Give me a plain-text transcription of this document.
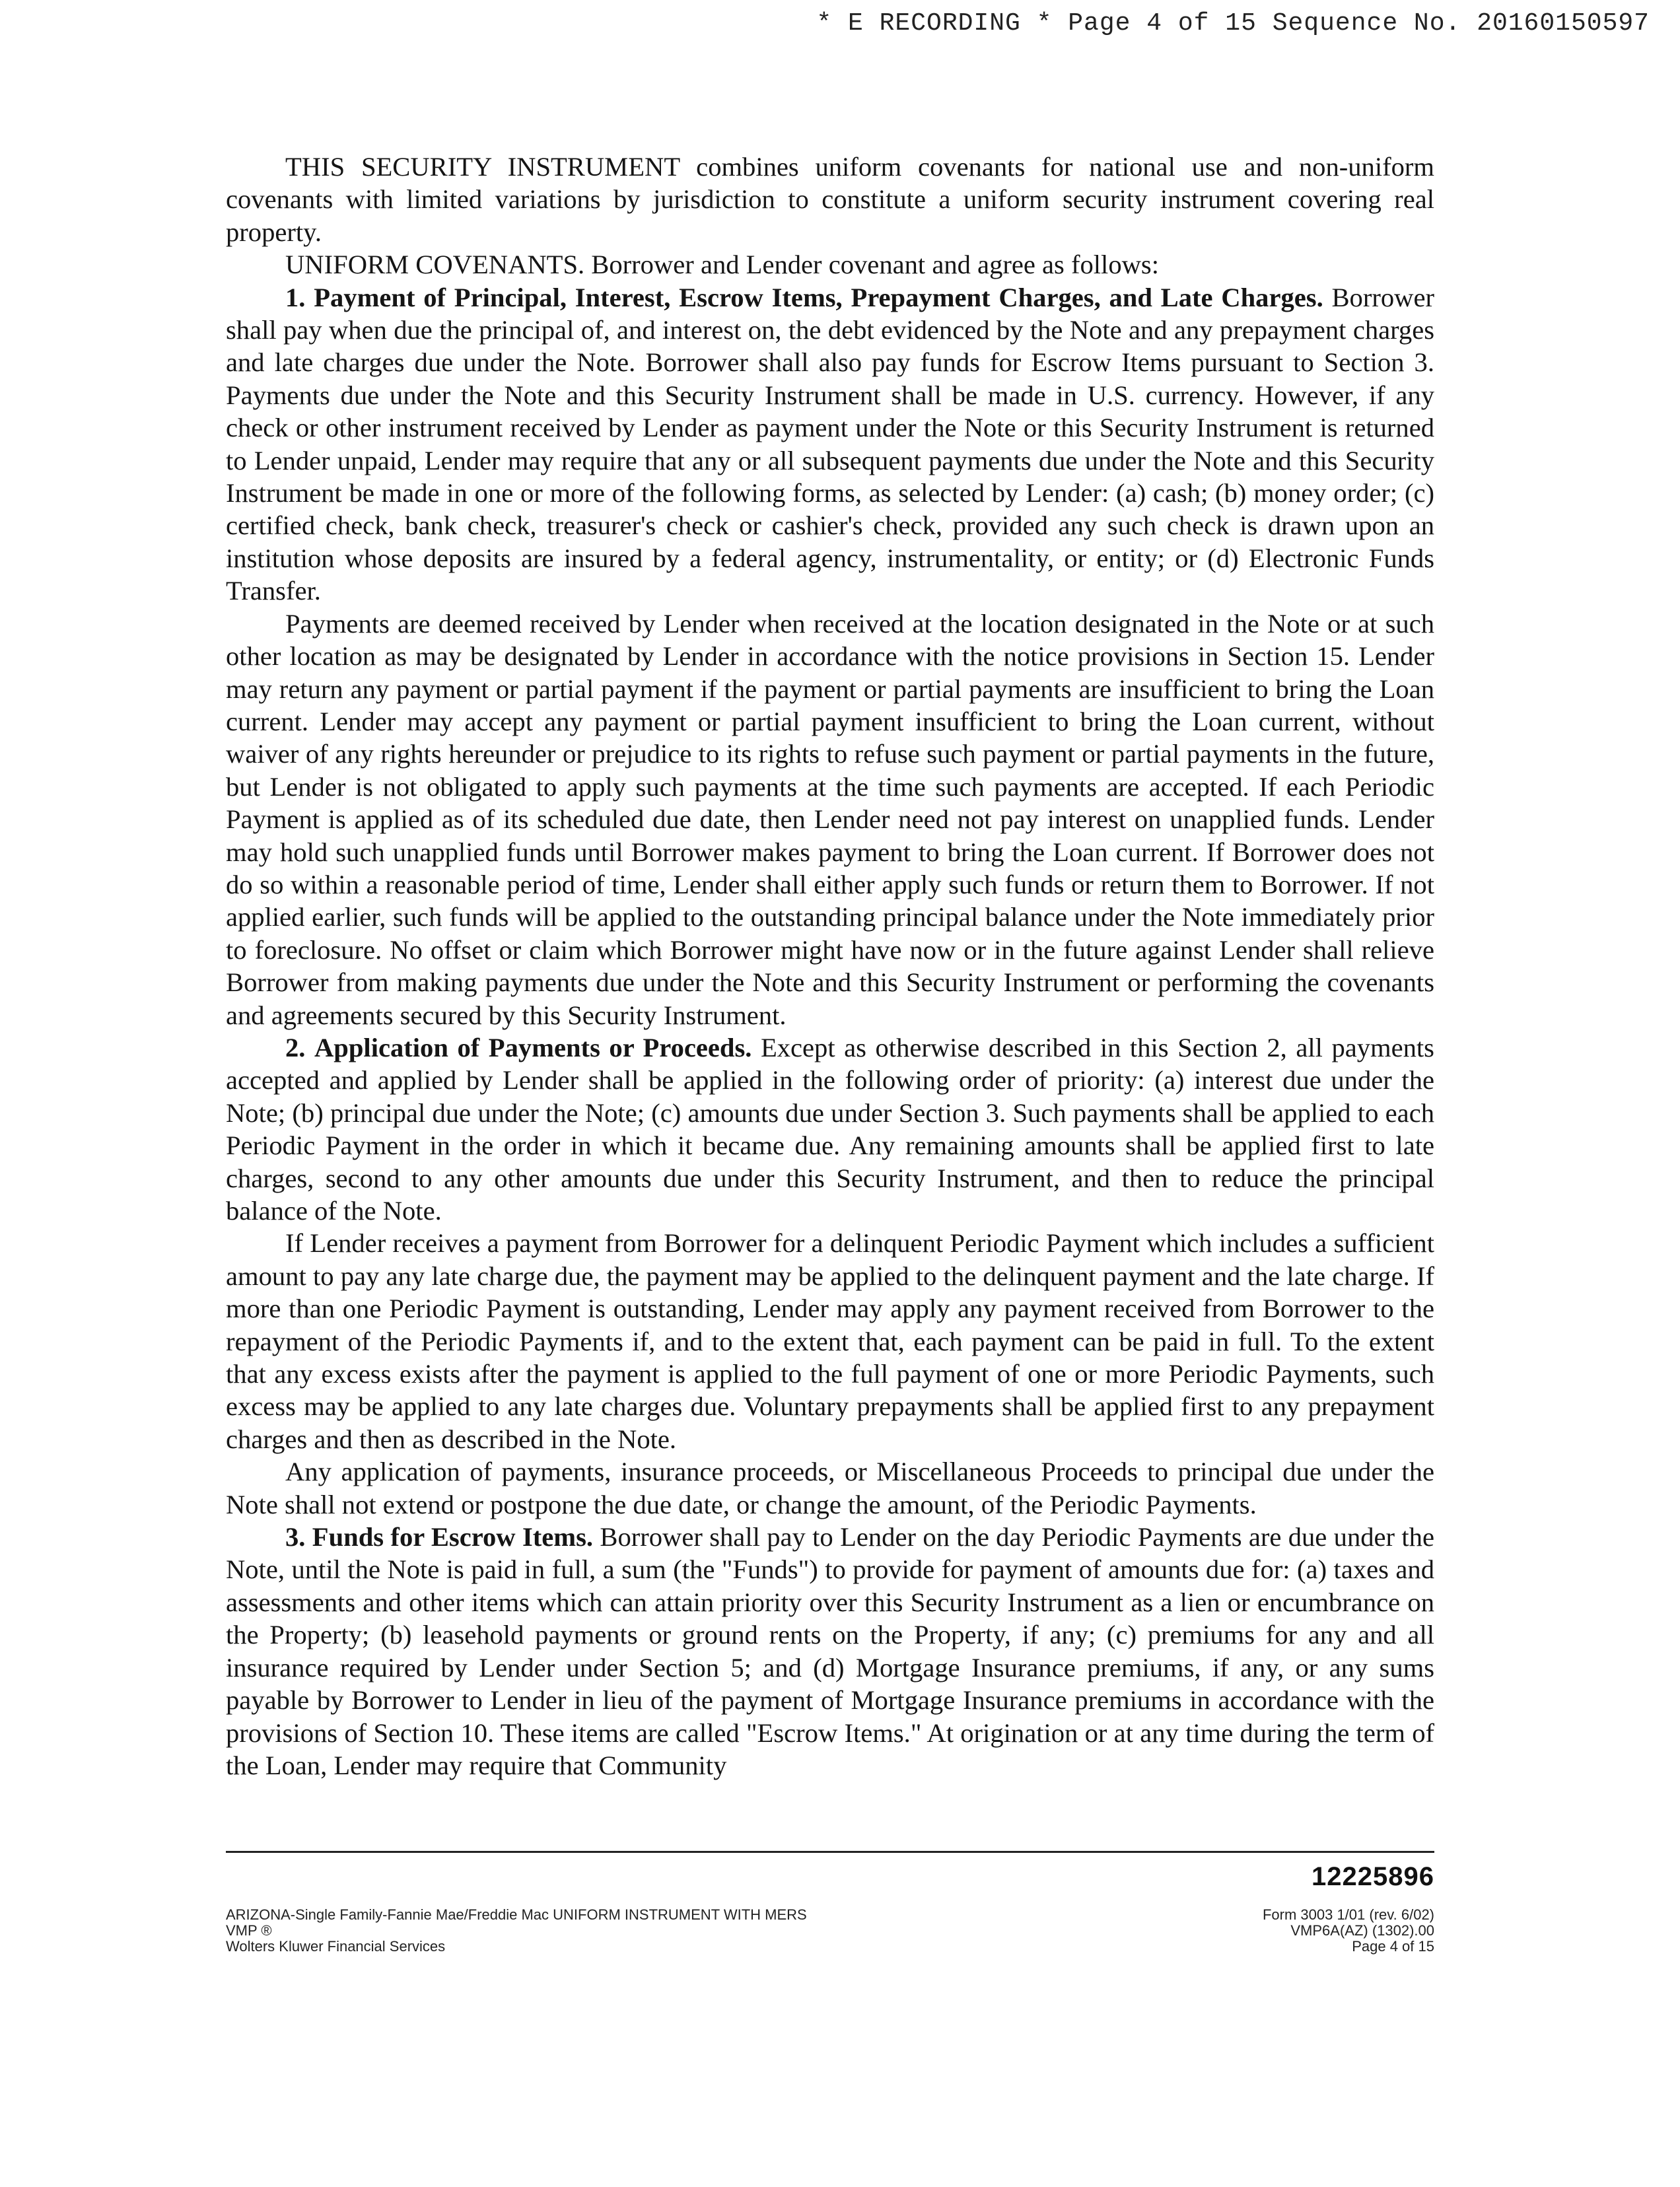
* E RECORDING * Page 4 of 15 Sequence No. 20160150597

THIS SECURITY INSTRUMENT combines uniform covenants for national use and non-uniform covenants with limited variations by jurisdiction to constitute a uniform security instrument covering real property.

UNIFORM COVENANTS. Borrower and Lender covenant and agree as follows:

1. Payment of Principal, Interest, Escrow Items, Prepayment Charges, and Late Charges. Borrower shall pay when due the principal of, and interest on, the debt evidenced by the Note and any prepayment charges and late charges due under the Note. Borrower shall also pay funds for Escrow Items pursuant to Section 3. Payments due under the Note and this Security Instrument shall be made in U.S. currency. However, if any check or other instrument received by Lender as payment under the Note or this Security Instrument is returned to Lender unpaid, Lender may require that any or all subsequent payments due under the Note and this Security Instrument be made in one or more of the following forms, as selected by Lender: (a) cash; (b) money order; (c) certified check, bank check, treasurer's check or cashier's check, provided any such check is drawn upon an institution whose deposits are insured by a federal agency, instrumentality, or entity; or (d) Electronic Funds Transfer.

Payments are deemed received by Lender when received at the location designated in the Note or at such other location as may be designated by Lender in accordance with the notice provisions in Section 15. Lender may return any payment or partial payment if the payment or partial payments are insufficient to bring the Loan current. Lender may accept any payment or partial payment insufficient to bring the Loan current, without waiver of any rights hereunder or prejudice to its rights to refuse such payment or partial payments in the future, but Lender is not obligated to apply such payments at the time such payments are accepted. If each Periodic Payment is applied as of its scheduled due date, then Lender need not pay interest on unapplied funds. Lender may hold such unapplied funds until Borrower makes payment to bring the Loan current. If Borrower does not do so within a reasonable period of time, Lender shall either apply such funds or return them to Borrower. If not applied earlier, such funds will be applied to the outstanding principal balance under the Note immediately prior to foreclosure. No offset or claim which Borrower might have now or in the future against Lender shall relieve Borrower from making payments due under the Note and this Security Instrument or performing the covenants and agreements secured by this Security Instrument.

2. Application of Payments or Proceeds. Except as otherwise described in this Section 2, all payments accepted and applied by Lender shall be applied in the following order of priority: (a) interest due under the Note; (b) principal due under the Note; (c) amounts due under Section 3. Such payments shall be applied to each Periodic Payment in the order in which it became due. Any remaining amounts shall be applied first to late charges, second to any other amounts due under this Security Instrument, and then to reduce the principal balance of the Note.

If Lender receives a payment from Borrower for a delinquent Periodic Payment which includes a sufficient amount to pay any late charge due, the payment may be applied to the delinquent payment and the late charge. If more than one Periodic Payment is outstanding, Lender may apply any payment received from Borrower to the repayment of the Periodic Payments if, and to the extent that, each payment can be paid in full. To the extent that any excess exists after the payment is applied to the full payment of one or more Periodic Payments, such excess may be applied to any late charges due. Voluntary prepayments shall be applied first to any prepayment charges and then as described in the Note.

Any application of payments, insurance proceeds, or Miscellaneous Proceeds to principal due under the Note shall not extend or postpone the due date, or change the amount, of the Periodic Payments.

3. Funds for Escrow Items. Borrower shall pay to Lender on the day Periodic Payments are due under the Note, until the Note is paid in full, a sum (the "Funds") to provide for payment of amounts due for: (a) taxes and assessments and other items which can attain priority over this Security Instrument as a lien or encumbrance on the Property; (b) leasehold payments or ground rents on the Property, if any; (c) premiums for any and all insurance required by Lender under Section 5; and (d) Mortgage Insurance premiums, if any, or any sums payable by Borrower to Lender in lieu of the payment of Mortgage Insurance premiums in accordance with the provisions of Section 10. These items are called "Escrow Items." At origination or at any time during the term of the Loan, Lender may require that Community

12225896
ARIZONA-Single Family-Fannie Mae/Freddie Mac UNIFORM INSTRUMENT WITH MERS
VMP ®
Wolters Kluwer Financial Services
Form 3003 1/01 (rev. 6/02)
VMP6A(AZ) (1302).00
Page 4 of 15
